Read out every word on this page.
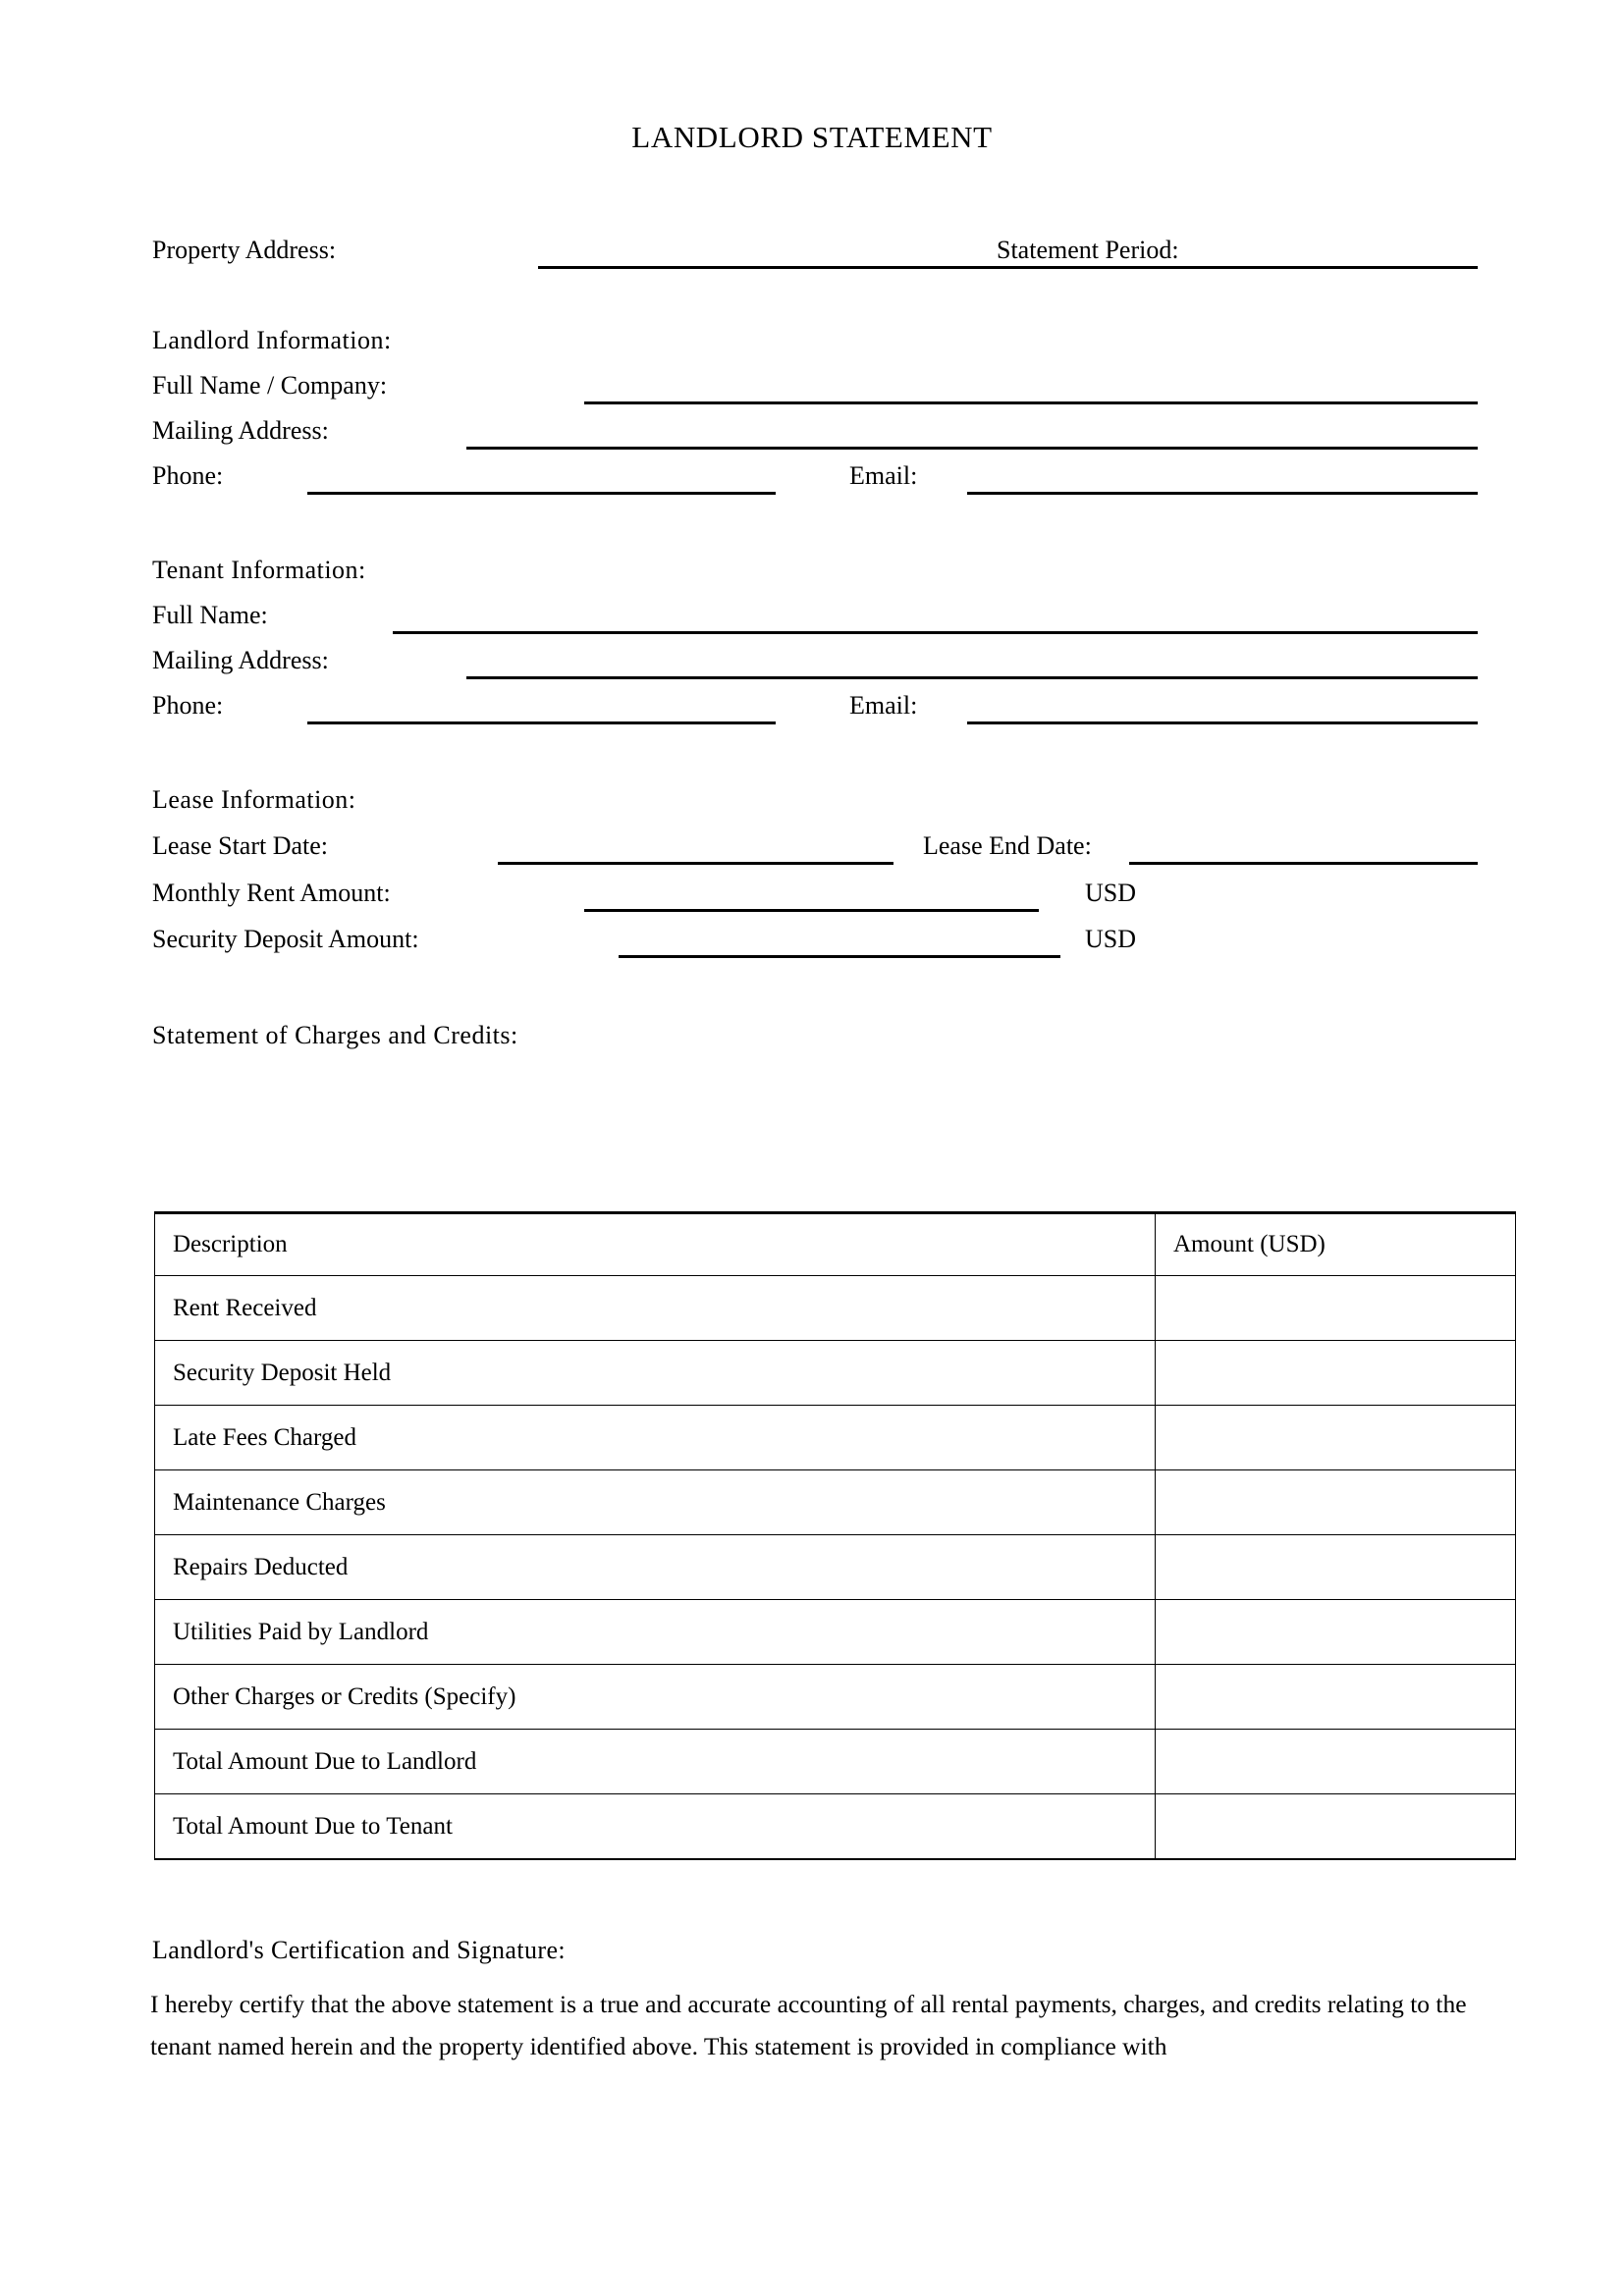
LANDLORD STATEMENT
Property Address:	Statement Period:
Landlord Information:
Full Name / Company:
Mailing Address:
Phone:	Email:
Tenant Information:
Full Name:
Mailing Address:
Phone:	Email:
Lease Information:
Lease Start Date:	Lease End Date:
Monthly Rent Amount:	USD
Security Deposit Amount:	USD
Statement of Charges and Credits:
Description	Amount (USD)
Rent Received	
Security Deposit Held	
Late Fees Charged	
Maintenance Charges	
Repairs Deducted	
Utilities Paid by Landlord	
Other Charges or Credits (Specify)	
Total Amount Due to Landlord	
Total Amount Due to Tenant	
Landlord's Certification and Signature:
I hereby certify that the above statement is a true and accurate accounting of all rental payments, charges, and credits relating to the tenant named herein and the property identified above. This statement is provided in compliance with
